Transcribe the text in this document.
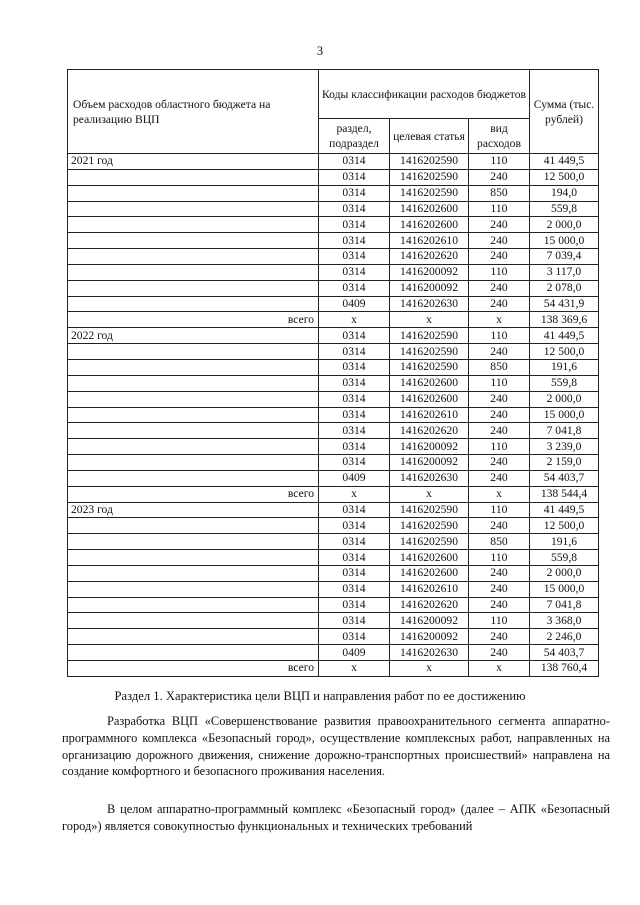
3
Объем расходов областного бюджета на реализацию ВЦП	Коды классификации расходов бюджетов			Сумма (тыс. рублей)
	раздел, подраздел	целевая статья	вид расходов	
2021 год	0314	1416202590	110	41 449,5
	0314	1416202590	240	12 500,0
	0314	1416202590	850	194,0
	0314	1416202600	110	559,8
	0314	1416202600	240	2 000,0
	0314	1416202610	240	15 000,0
	0314	1416202620	240	7 039,4
	0314	1416200092	110	3 117,0
	0314	1416200092	240	2 078,0
	0409	1416202630	240	54 431,9
всего	x	x	x	138 369,6
2022 год	0314	1416202590	110	41 449,5
	0314	1416202590	240	12 500,0
	0314	1416202590	850	191,6
	0314	1416202600	110	559,8
	0314	1416202600	240	2 000,0
	0314	1416202610	240	15 000,0
	0314	1416202620	240	7 041,8
	0314	1416200092	110	3 239,0
	0314	1416200092	240	2 159,0
	0409	1416202630	240	54 403,7
всего	x	x	x	138 544,4
2023 год	0314	1416202590	110	41 449,5
	0314	1416202590	240	12 500,0
	0314	1416202590	850	191,6
	0314	1416202600	110	559,8
	0314	1416202600	240	2 000,0
	0314	1416202610	240	15 000,0
	0314	1416202620	240	7 041,8
	0314	1416200092	110	3 368,0
	0314	1416200092	240	2 246,0
	0409	1416202630	240	54 403,7
всего	x	x	x	138 760,4
Раздел 1. Характеристика цели ВЦП и направления работ по ее достижению

Разработка ВЦП «Совершенствование развития правоохранительного сегмента аппаратно-программного комплекса «Безопасный город», осуществление комплексных работ, направленных на организацию дорожного движения, снижение дорожно-транспортных происшествий» направлена на создание комфортного и безопасного проживания населения.

В целом аппаратно-программный комплекс «Безопасный город» (далее – АПК «Безопасный город») является совокупностью функциональных и технических требований
